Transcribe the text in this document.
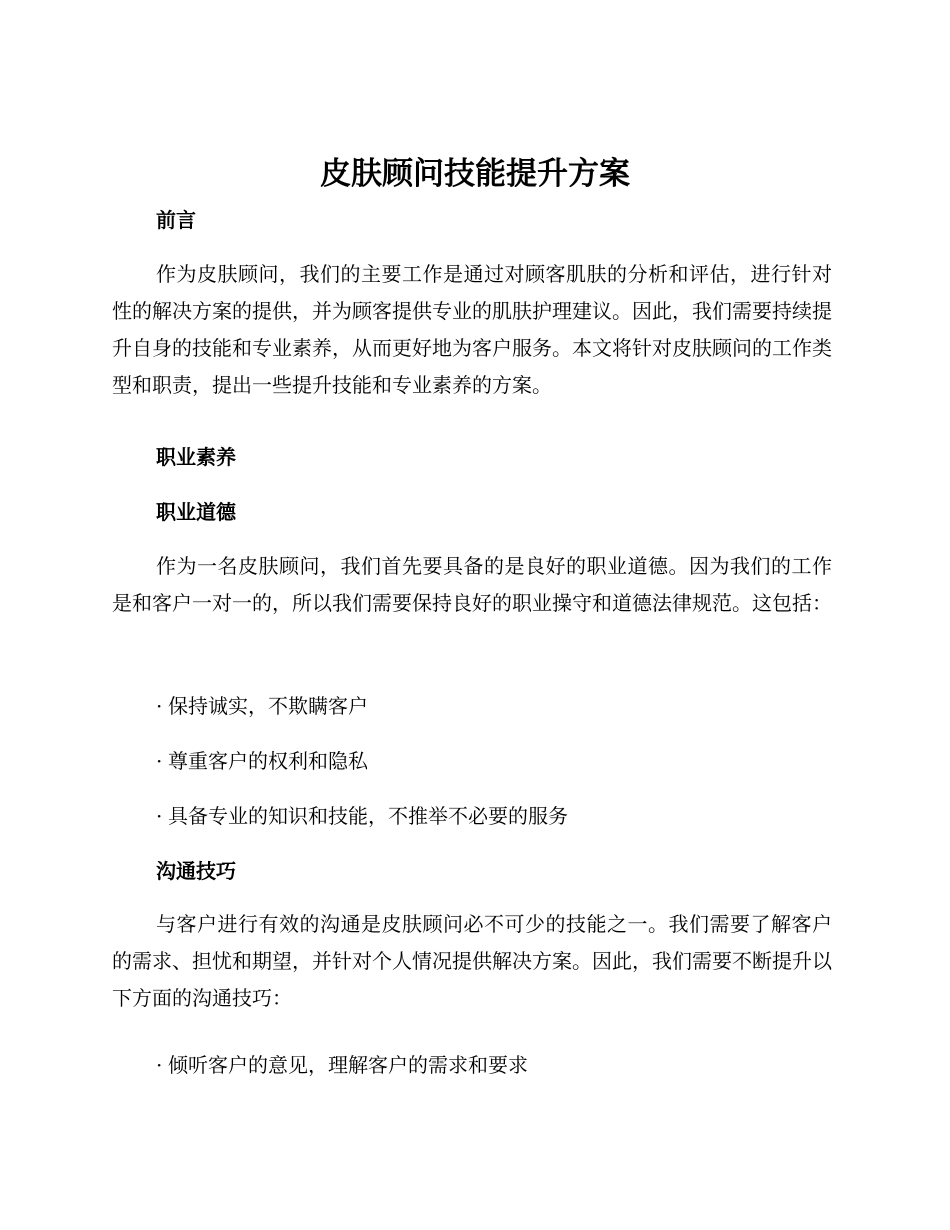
皮肤顾问技能提升方案
前言

作为皮肤顾问，我们的主要工作是通过对顾客肌肤的分析和评估，进行针对性的解决方案的提供，并为顾客提供专业的肌肤护理建议。因此，我们需要持续提升自身的技能和专业素养，从而更好地为客户服务。本文将针对皮肤顾问的工作类型和职责，提出一些提升技能和专业素养的方案。

职业素养
职业道德

作为一名皮肤顾问，我们首先要具备的是良好的职业道德。因为我们的工作是和客户一对一的，所以我们需要保持良好的职业操守和道德法律规范。这包括：

· 保持诚实，不欺瞒客户
· 尊重客户的权利和隐私
· 具备专业的知识和技能，不推举不必要的服务
沟通技巧

与客户进行有效的沟通是皮肤顾问必不可少的技能之一。我们需要了解客户的需求、担忧和期望，并针对个人情况提供解决方案。因此，我们需要不断提升以下方面的沟通技巧：

· 倾听客户的意见，理解客户的需求和要求
